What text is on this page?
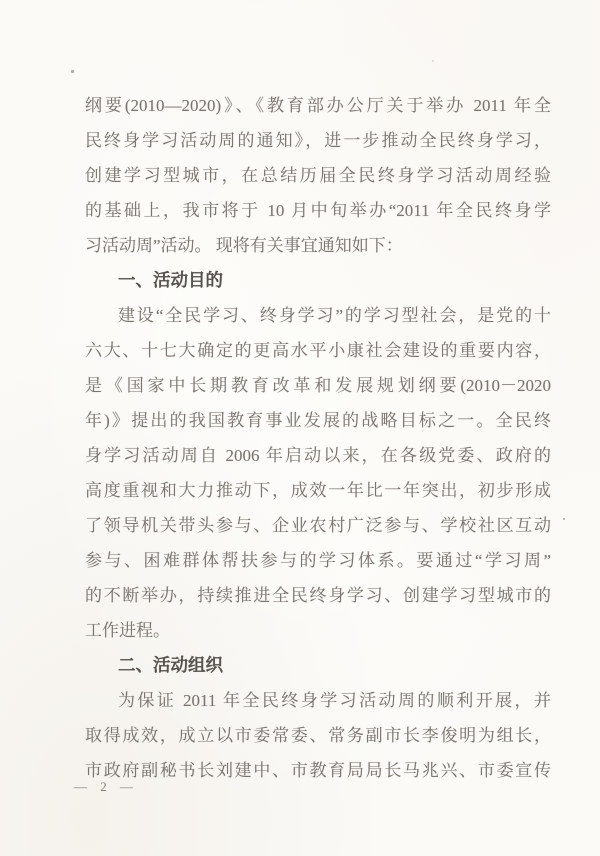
纲要(2010—2020)》、《教育部办公厅关于举办 2011 年全
民终身学习活动周的通知》，进一步推动全民终身学习，
创建学习型城市，在总结历届全民终身学习活动周经验
的基础上，我市将于 10 月中旬举办“2011 年全民终身学
习活动周”活动。 现将有关事宜通知如下：
一、活动目的
建设“全民学习、终身学习”的学习型社会，是党的十
六大、十七大确定的更高水平小康社会建设的重要内容，
是《国家中长期教育改革和发展规划纲要(2010－2020
年)》提出的我国教育事业发展的战略目标之一。全民终
身学习活动周自 2006 年启动以来，在各级党委、政府的
高度重视和大力推动下，成效一年比一年突出，初步形成
了领导机关带头参与、企业农村广泛参与、学校社区互动
参与、困难群体帮扶参与的学习体系。要通过“学习周”
的不断举办，持续推进全民终身学习、创建学习型城市的
工作进程。
二、活动组织
为保证 2011 年全民终身学习活动周的顺利开展，并
取得成效，成立以市委常委、常务副市长李俊明为组长，
市政府副秘书长刘建中、市教育局局长马兆兴、市委宣传
— 2 —
